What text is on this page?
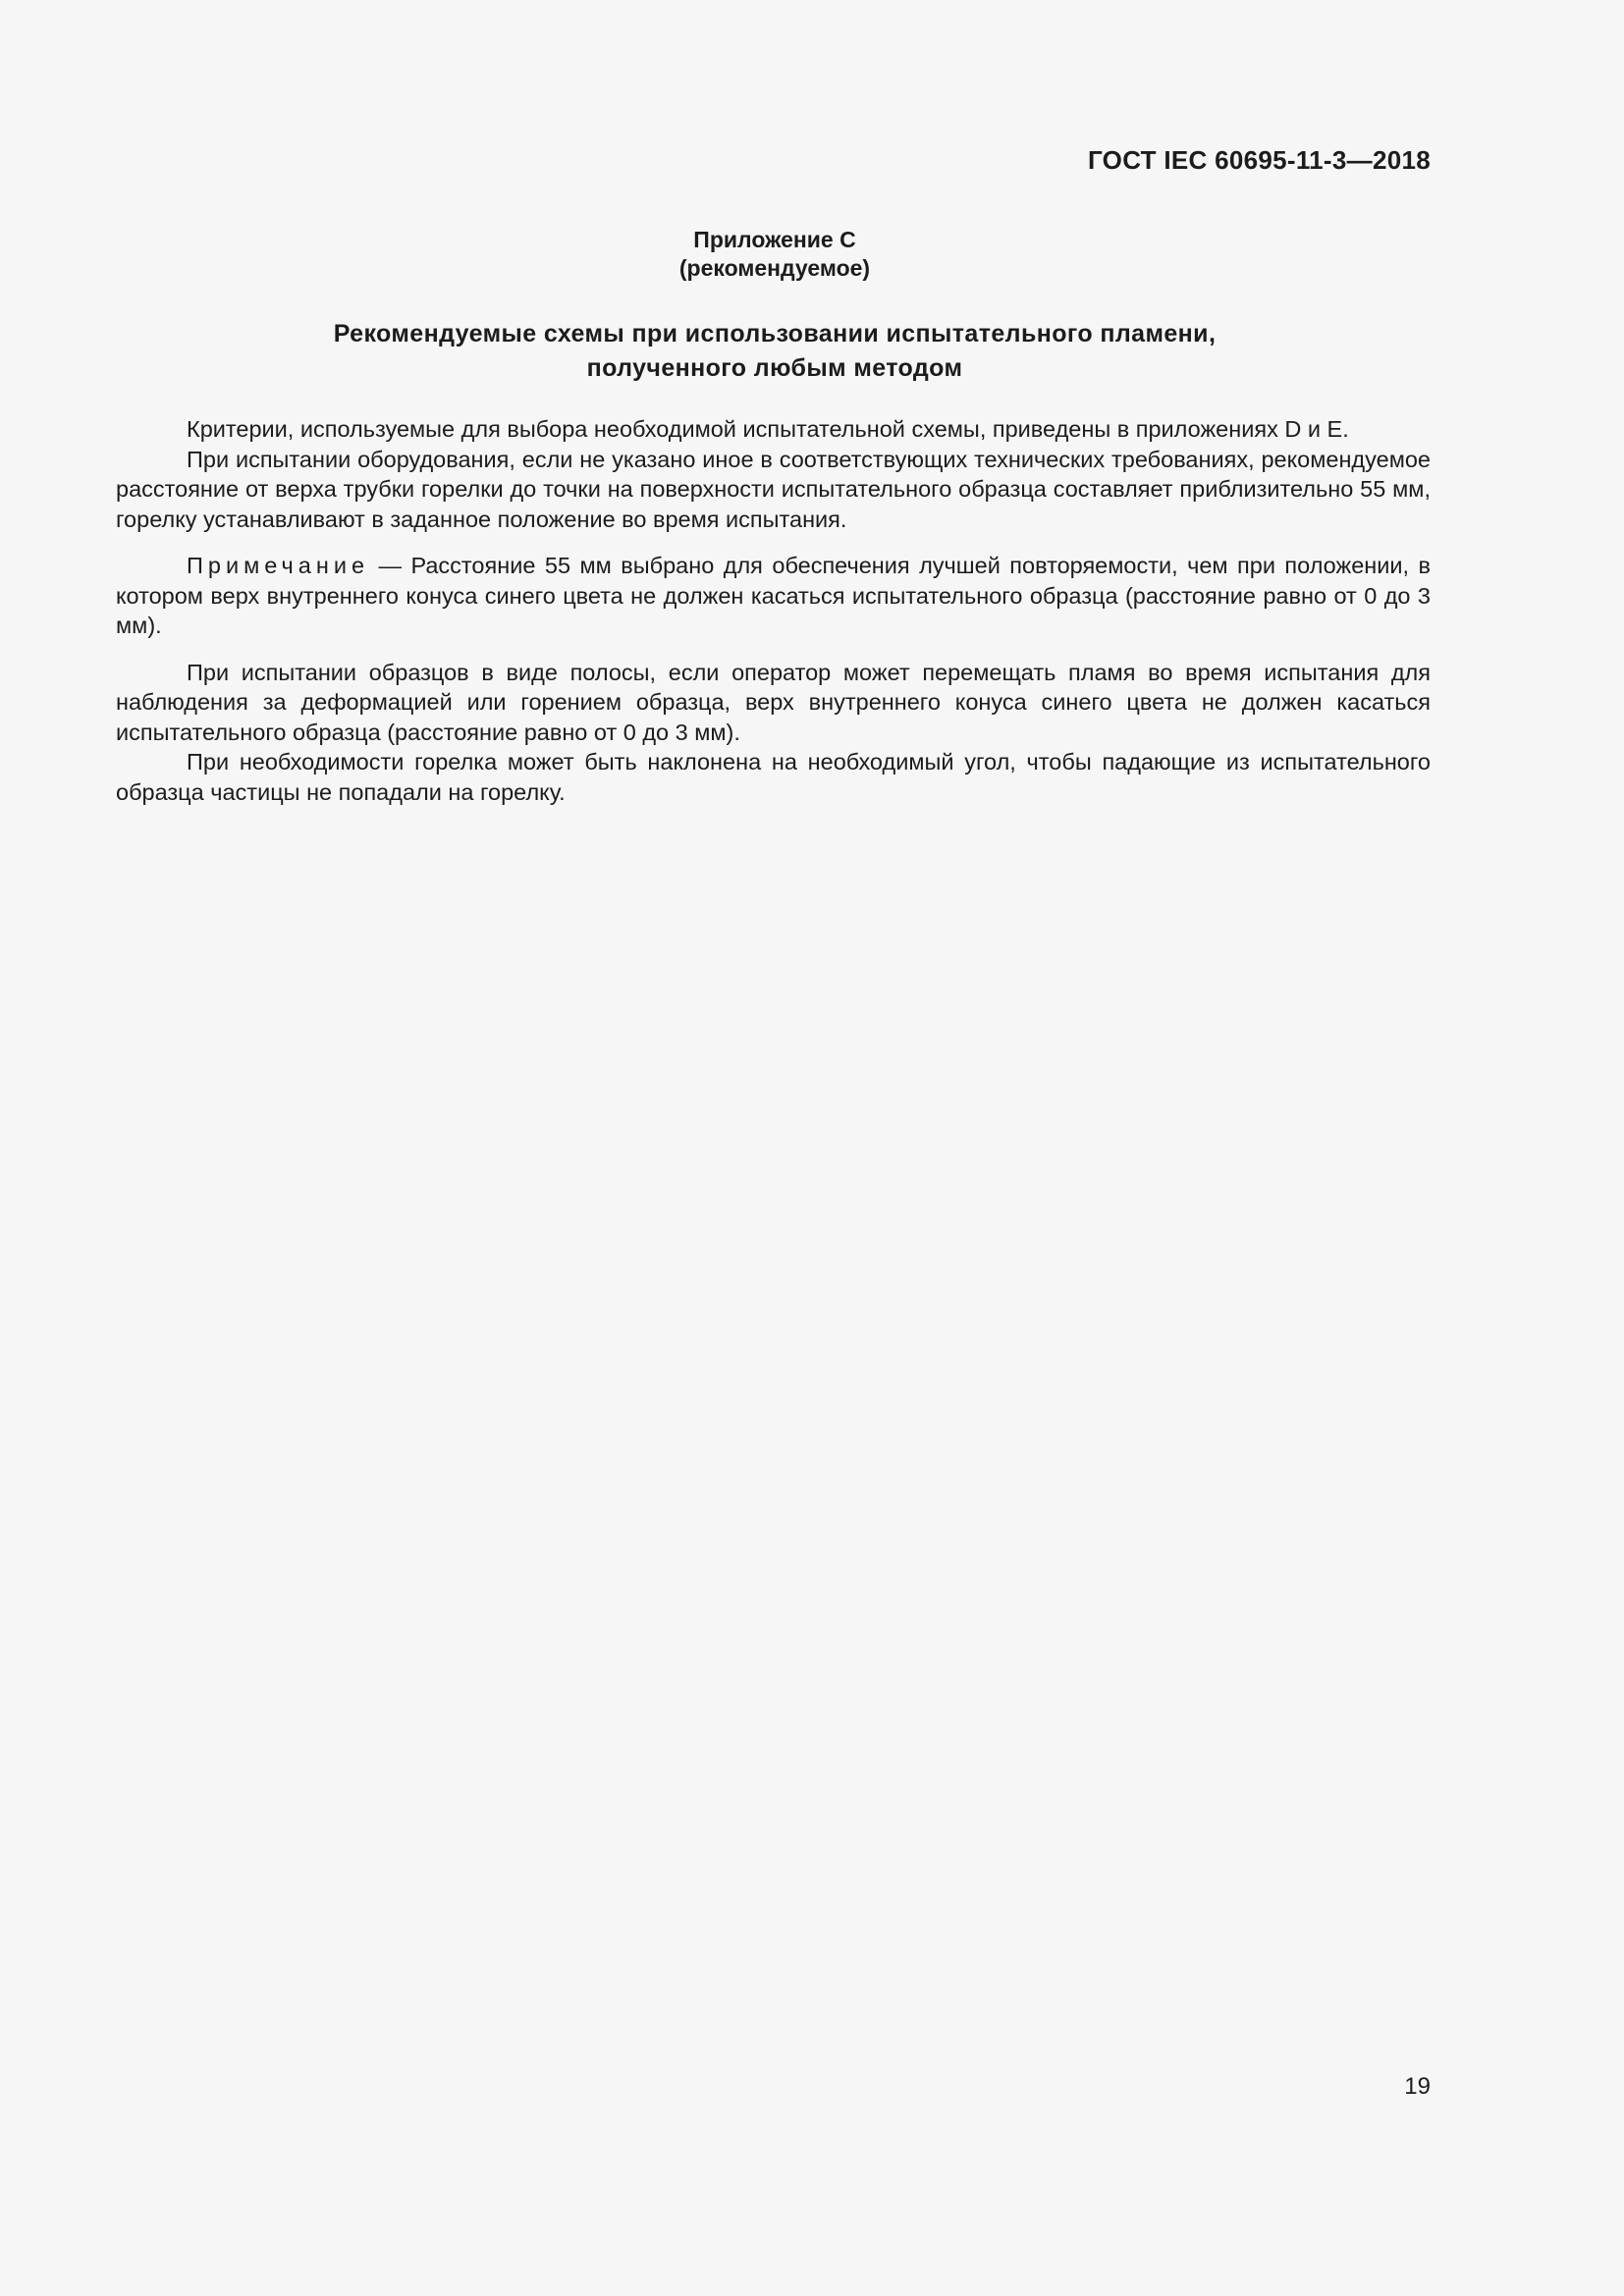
ГОСТ IEC 60695-11-3—2018
Приложение С
(рекомендуемое)
Рекомендуемые схемы при использовании испытательного пламени,
полученного любым методом

Критерии, используемые для выбора необходимой испытательной схемы, приведены в приложениях D и E.

При испытании оборудования, если не указано иное в соответствующих технических требованиях, рекомендуемое расстояние от верха трубки горелки до точки на поверхности испытательного образца составляет приблизительно 55 мм, горелку устанавливают в заданное положение во время испытания.

Примечание — Расстояние 55 мм выбрано для обеспечения лучшей повторяемости, чем при положении, в котором верх внутреннего конуса синего цвета не должен касаться испытательного образца (расстояние равно от 0 до 3 мм).

При испытании образцов в виде полосы, если оператор может перемещать пламя во время испытания для наблюдения за деформацией или горением образца, верх внутреннего конуса синего цвета не должен касаться испытательного образца (расстояние равно от 0 до 3 мм).

При необходимости горелка может быть наклонена на необходимый угол, чтобы падающие из испытательного образца частицы не попадали на горелку.

19
